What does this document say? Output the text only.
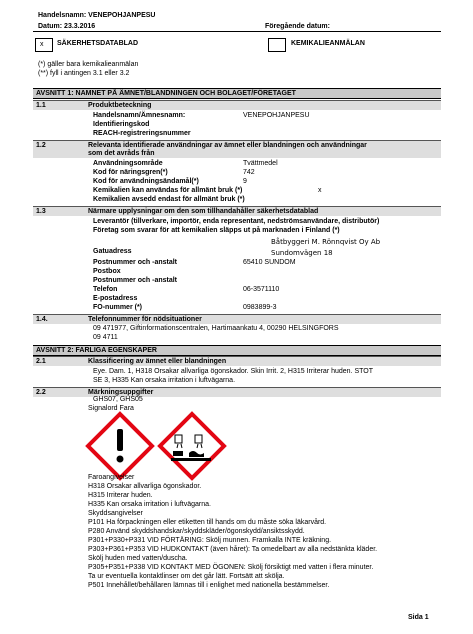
Handelsnamn: VENEPOHJANPESU
Datum: 23.3.2016	Föregående datum:
x SÄKERHETSDATABLAD	KEMIKALIEANMÄLAN
(*) gäller bara kemikalieanmälan
(**) fyll i antingen 3.1 eller 3.2
AVSNITT 1: NAMNET PÅ ÄMNET/BLANDNINGEN OCH BOLAGET/FÖRETAGET
1.1	Produktbeteckning
Handelsnamn/Ämnesnamn:	VENEPOHJANPESU
Identifieringskod
REACH-registreringsnummer
1.2	Relevanta identifierade användningar av ämnet eller blandningen och användningar
som det avråds från
Användningsområde	Tvättmedel
Kod för näringsgren(*)	742
Kod för användningsändamål(*)	9
Kemikalien kan användas för allmänt bruk (*)	x
Kemikalien avsedd endast för allmänt bruk (*)
1.3	Närmare upplysningar om den som tillhandahåller säkerhetsdatablad
Leverantör (tillverkare, importör, enda representant, nedströmsanvändare, distributör)
Företag som svarar för att kemikalien släpps ut på marknaden i Finland (*)
Båtbyggeri M. Rönnqvist Oy Ab
Gatuadress	Sundomvägen 18
Postnummer och -anstalt	65410 SUNDOM
Postbox
Postnummer och -anstalt
Telefon	06-3571110
E-postadress
FO-nummer (*)	0983899-3
1.4.	Telefonnummer för nödsituationer
09 471977, Giftinformationscentralen, Hartimaankatu 4, 00290 HELSINGFORS
09 4711
AVSNITT 2: FARLIGA EGENSKAPER
2.1	Klassificering av ämnet eller blandningen
Eye. Dam. 1, H318 Orsakar allvarliga ögonskador. Skin Irrit. 2, H315 Irriterar huden. STOT
SE 3, H335 Kan orsaka irritation i luftvägarna.
2.2	Märkningsuppgifter
GHS07, GHS05
Signalord Fara
Faroangivelser
H318 Orsakar allvarliga ögonskador.
H315 Irriterar huden.
H335 Kan orsaka irritation i luftvägarna.
Skyddsangivelser
P101 Ha förpackningen eller etiketten till hands om du måste söka läkarvård.
P280 Använd skyddshandskar/skyddskläder/ögonskydd/ansiktsskydd.
P301+P330+P331 VID FÖRTÄRING: Skölj munnen. Framkalla INTE kräkning.
P303+P361+P353 VID HUDKONTAKT (även håret): Ta omedelbart av alla nedstänkta kläder.
Skölj huden med vatten/duscha.
P305+P351+P338 VID KONTAKT MED ÖGONEN: Skölj försiktigt med vatten i flera minuter.
Ta ur eventuella kontaktlinser om det går lätt. Fortsätt att skölja.
P501 Innehållet/behållaren lämnas till i enlighet med nationella bestämmelser.
Sida 1
